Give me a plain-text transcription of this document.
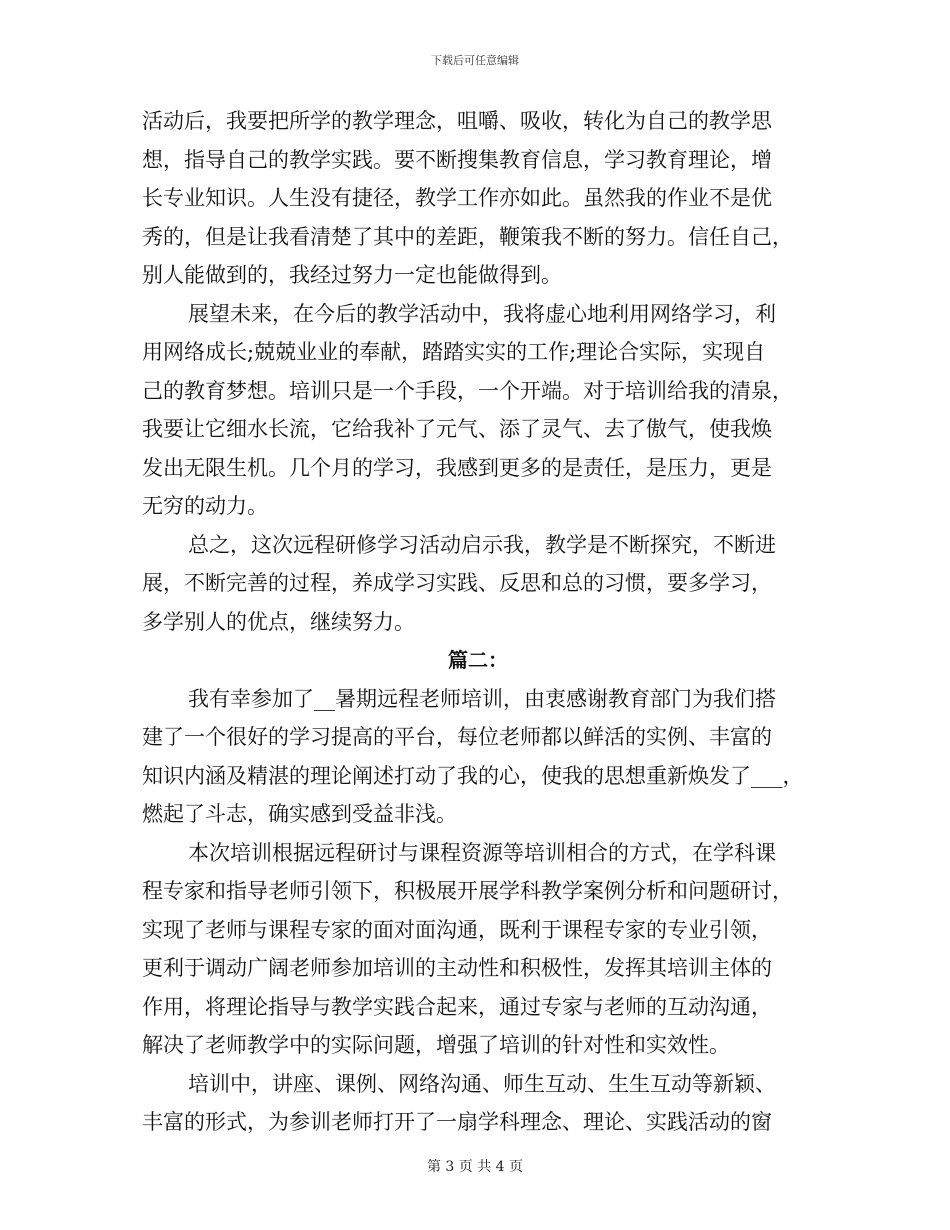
下载后可任意编辑
活动后，我要把所学的教学理念，咀嚼、吸收，转化为自己的教学思
想，指导自己的教学实践。要不断搜集教育信息，学习教育理论，增
长专业知识。人生没有捷径，教学工作亦如此。虽然我的作业不是优
秀的，但是让我看清楚了其中的差距，鞭策我不断的努力。信任自己，
别人能做到的，我经过努力一定也能做得到。
展望未来，在今后的教学活动中，我将虚心地利用网络学习，利
用网络成长;兢兢业业的奉献，踏踏实实的工作;理论合实际，实现自
己的教育梦想。培训只是一个手段，一个开端。对于培训给我的清泉，
我要让它细水长流，它给我补了元气、添了灵气、去了傲气，使我焕
发出无限生机。几个月的学习，我感到更多的是责任，是压力，更是
无穷的动力。
总之，这次远程研修学习活动启示我，教学是不断探究，不断进
展，不断完善的过程，养成学习实践、反思和总的习惯，要多学习，
多学别人的优点，继续努力。
篇二：
我有幸参加了__暑期远程老师培训，由衷感谢教育部门为我们搭
建了一个很好的学习提高的平台，每位老师都以鲜活的实例、丰富的
知识内涵及精湛的理论阐述打动了我的心，使我的思想重新焕发了___，
燃起了斗志，确实感到受益非浅。
本次培训根据远程研讨与课程资源等培训相合的方式，在学科课
程专家和指导老师引领下，积极展开展学科教学案例分析和问题研讨，
实现了老师与课程专家的面对面沟通，既利于课程专家的专业引领，
更利于调动广阔老师参加培训的主动性和积极性，发挥其培训主体的
作用，将理论指导与教学实践合起来，通过专家与老师的互动沟通，
解决了老师教学中的实际问题，增强了培训的针对性和实效性。
培训中，讲座、课例、网络沟通、师生互动、生生互动等新颖、
丰富的形式，为参训老师打开了一扇学科理念、理论、实践活动的窗
第 3 页 共 4 页
